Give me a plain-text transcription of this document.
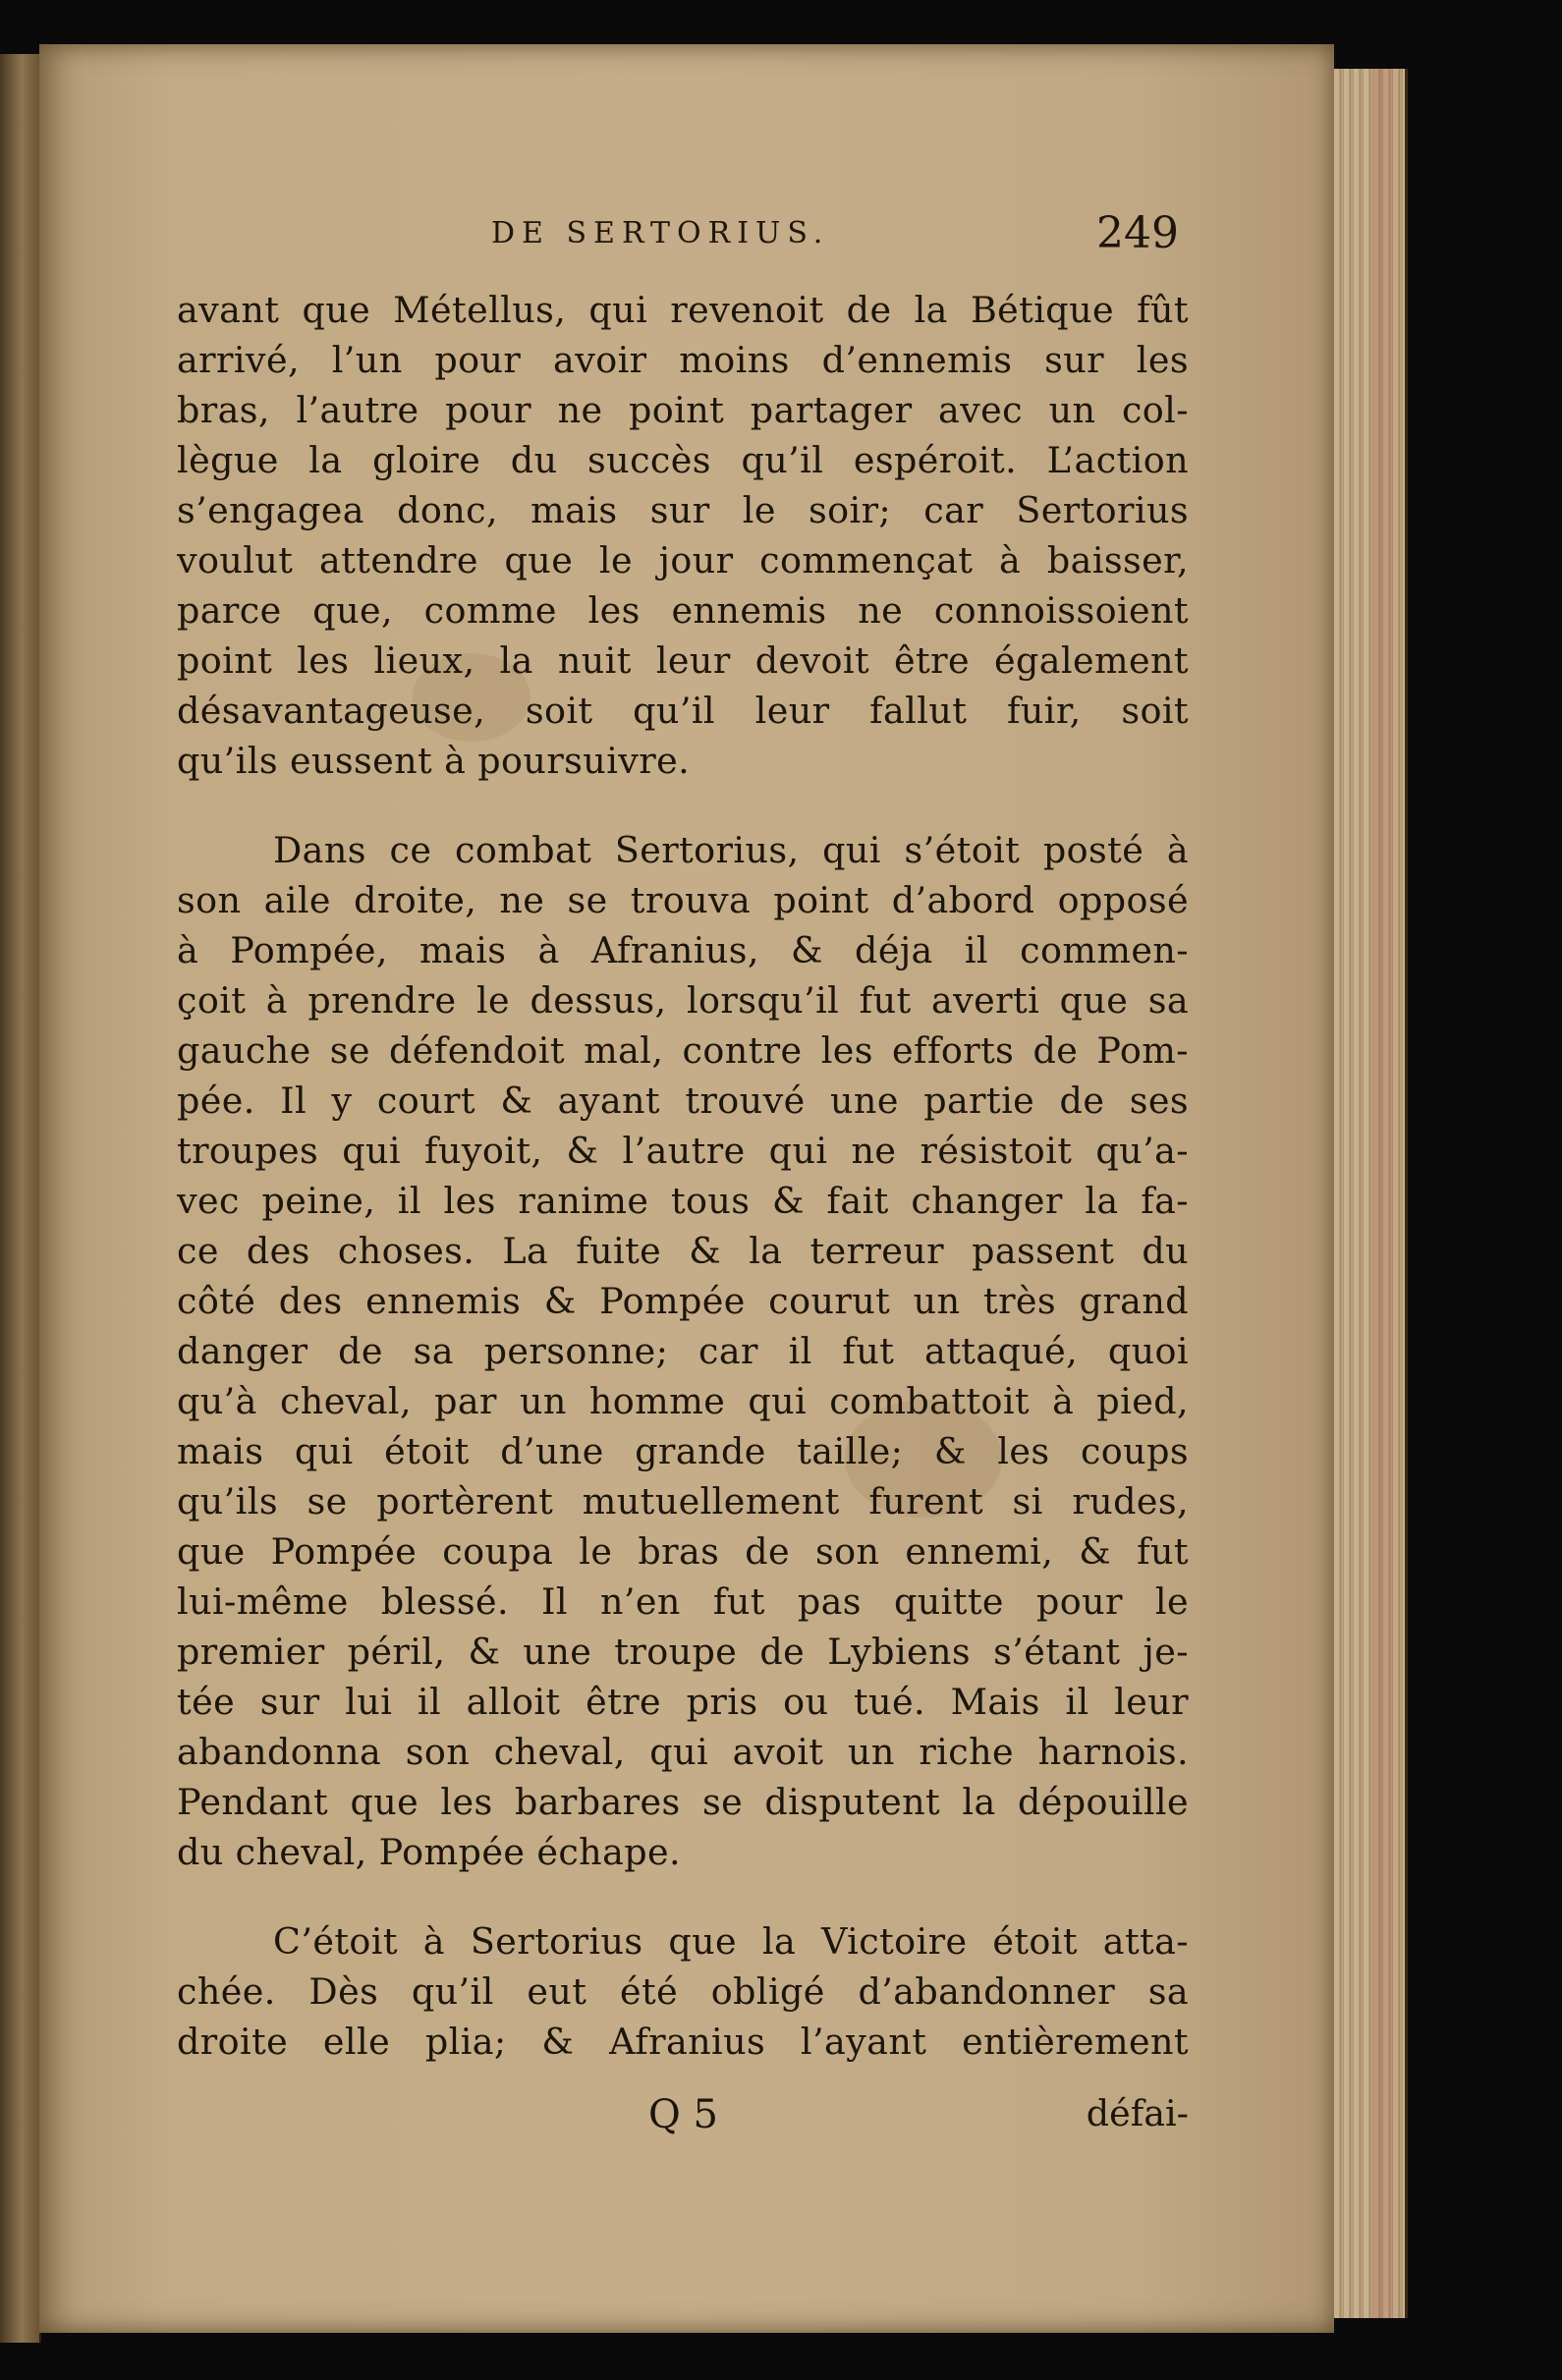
DE SERTORIUS.	249
avant que Métellus, qui revenoit de la Bétique fût
arrivé, l’un pour avoir moins d’ennemis sur les
bras, l’autre pour ne point partager avec un col-
lègue la gloire du succès qu’il espéroit. L’action
s’engagea donc, mais sur le soir; car Sertorius
voulut attendre que le jour commençat à baisser,
parce que, comme les ennemis ne connoissoient
point les lieux, la nuit leur devoit être également
désavantageuse, soit qu’il leur fallut fuir, soit
qu’ils eussent à poursuivre.
Dans ce combat Sertorius, qui s’étoit posté à
son aile droite, ne se trouva point d’abord opposé
à Pompée, mais à Afranius, & déja il commen-
çoit à prendre le dessus, lorsqu’il fut averti que sa
gauche se défendoit mal, contre les efforts de Pom-
pée. Il y court & ayant trouvé une partie de ses
troupes qui fuyoit, & l’autre qui ne résistoit qu’a-
vec peine, il les ranime tous & fait changer la fa-
ce des choses. La fuite & la terreur passent du
côté des ennemis & Pompée courut un très grand
danger de sa personne; car il fut attaqué, quoi
qu’à cheval, par un homme qui combattoit à pied,
mais qui étoit d’une grande taille; & les coups
qu’ils se portèrent mutuellement furent si rudes,
que Pompée coupa le bras de son ennemi, & fut
lui-même blessé. Il n’en fut pas quitte pour le
premier péril, & une troupe de Lybiens s’étant je-
tée sur lui il alloit être pris ou tué. Mais il leur
abandonna son cheval, qui avoit un riche harnois.
Pendant que les barbares se disputent la dépouille
du cheval, Pompée échape.
C’étoit à Sertorius que la Victoire étoit atta-
chée. Dès qu’il eut été obligé d’abandonner sa
droite elle plia; & Afranius l’ayant entièrement
Q 5	défai-
